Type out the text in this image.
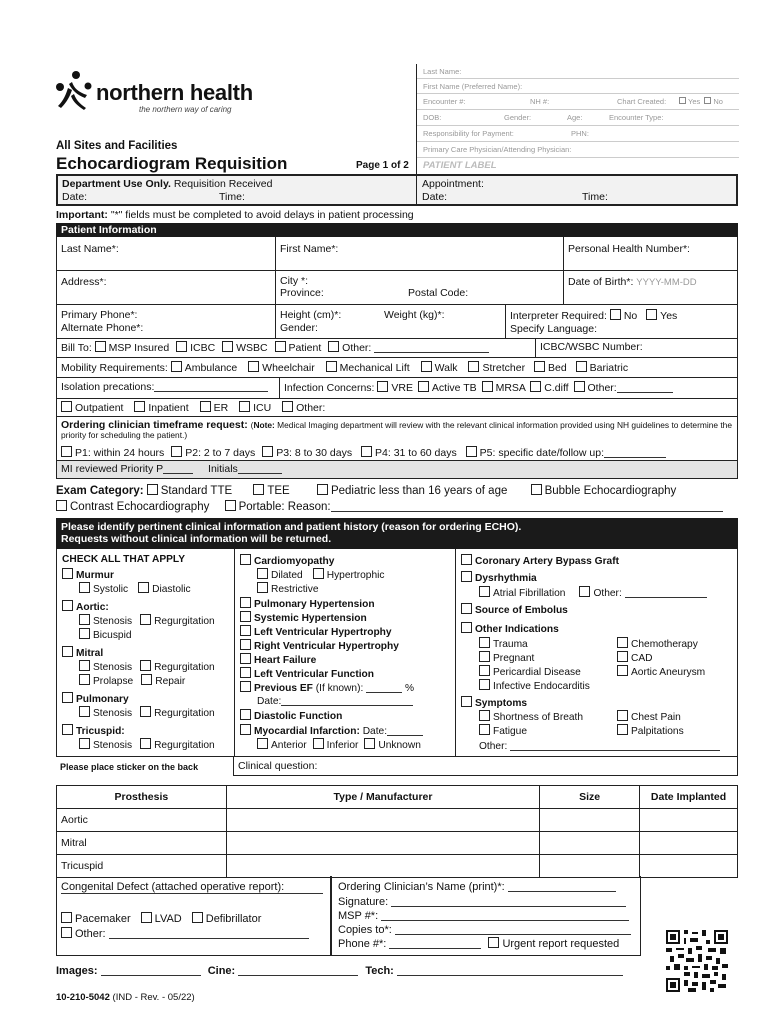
northern health
the northern way of caring
All Sites and Facilities
Echocardiogram Requisition	Page 1 of 2
Last Name:
First Name (Preferred Name):
Encounter #:	NH #:	Chart Created:	Yes No
DOB:	Gender:	Age:	Encounter Type:
Responsibility for Payment:	PHN:
Primary Care Physician/Attending Physician:
PATIENT LABEL
Department Use Only. Requisition Received
Date:	Time:
Appointment:
Date:	Time:
Important: "*" fields must be completed to avoid delays in patient processing
Patient Information
Last Name*:	First Name*:	Personal Health Number*:
Address*:	City *:
Province:	Postal Code:
Date of Birth*: YYYY-MM-DD
Primary Phone*:
Alternate Phone*:
Height (cm)*:	Weight (kg)*:
Gender:
Interpreter Required: No Yes
Specify Language:
Bill To: MSP Insured ICBC WSBC Patient Other:	ICBC/WSBC Number:
Mobility Requirements: Ambulance Wheelchair Mechanical Lift Walk Stretcher Bed Bariatric
Isolation precations:	Infection Concerns: VRE Active TB MRSA C.diff Other:
Outpatient Inpatient ER ICU Other:
Ordering clinician timeframe request: (Note: Medical Imaging department will review with the relevant clinical information provided using NH guidelines to determine the priority for scheduling the patient.)
P1: within 24 hours P2: 2 to 7 days P3: 8 to 30 days P4: 31 to 60 days P5: specific date/follow up:
MI reviewed Priority P	Initials
Exam Category: Standard TTE	TEE	Pediatric less than 16 years of age	Bubble Echocardiography
Contrast Echocardiography	Portable: Reason:
Please identify pertinent clinical information and patient history (reason for ordering ECHO).
Requests without clinical information will be returned.
CHECK ALL THAT APPLY
Murmur
Systolic Diastolic
Aortic:
Stenosis Regurgitation
Bicuspid
Mitral
Stenosis Regurgitation
Prolapse Repair
Pulmonary
Stenosis Regurgitation
Tricuspid:
Stenosis Regurgitation
Cardiomyopathy
Dilated Hypertrophic
Restrictive
Pulmonary Hypertension
Systemic Hypertension
Left Ventricular Hypertrophy
Right Ventricular Hypertrophy
Heart Failure
Left Ventricular Function
Previous EF (If known):	%
Date:
Diastolic Function
Myocardial Infarction: Date:
Anterior Inferior Unknown
Coronary Artery Bypass Graft
Dysrhythmia
Atrial Fibrillation	Other:
Source of Embolus
Other Indications
Trauma	Chemotherapy
Pregnant	CAD
Pericardial Disease	Aortic Aneurysm
Infective Endocarditis
Symptoms
Shortness of Breath	Chest Pain
Fatigue	Palpitations
Other:
Please place sticker on the back	Clinical question:
Prosthesis	Type / Manufacturer	Size	Date Implanted
Aortic			
Mitral			
Tricuspid			
Congenital Defect (attached operative report):
Pacemaker LVAD Defibrillator
Other:
Ordering Clinician’s Name (print)*:
Signature:
MSP #*:
Copies to*:
Phone #*:	Urgent report requested
Images:	Cine:	Tech:
10-210-5042 (IND - Rev. - 05/22)
